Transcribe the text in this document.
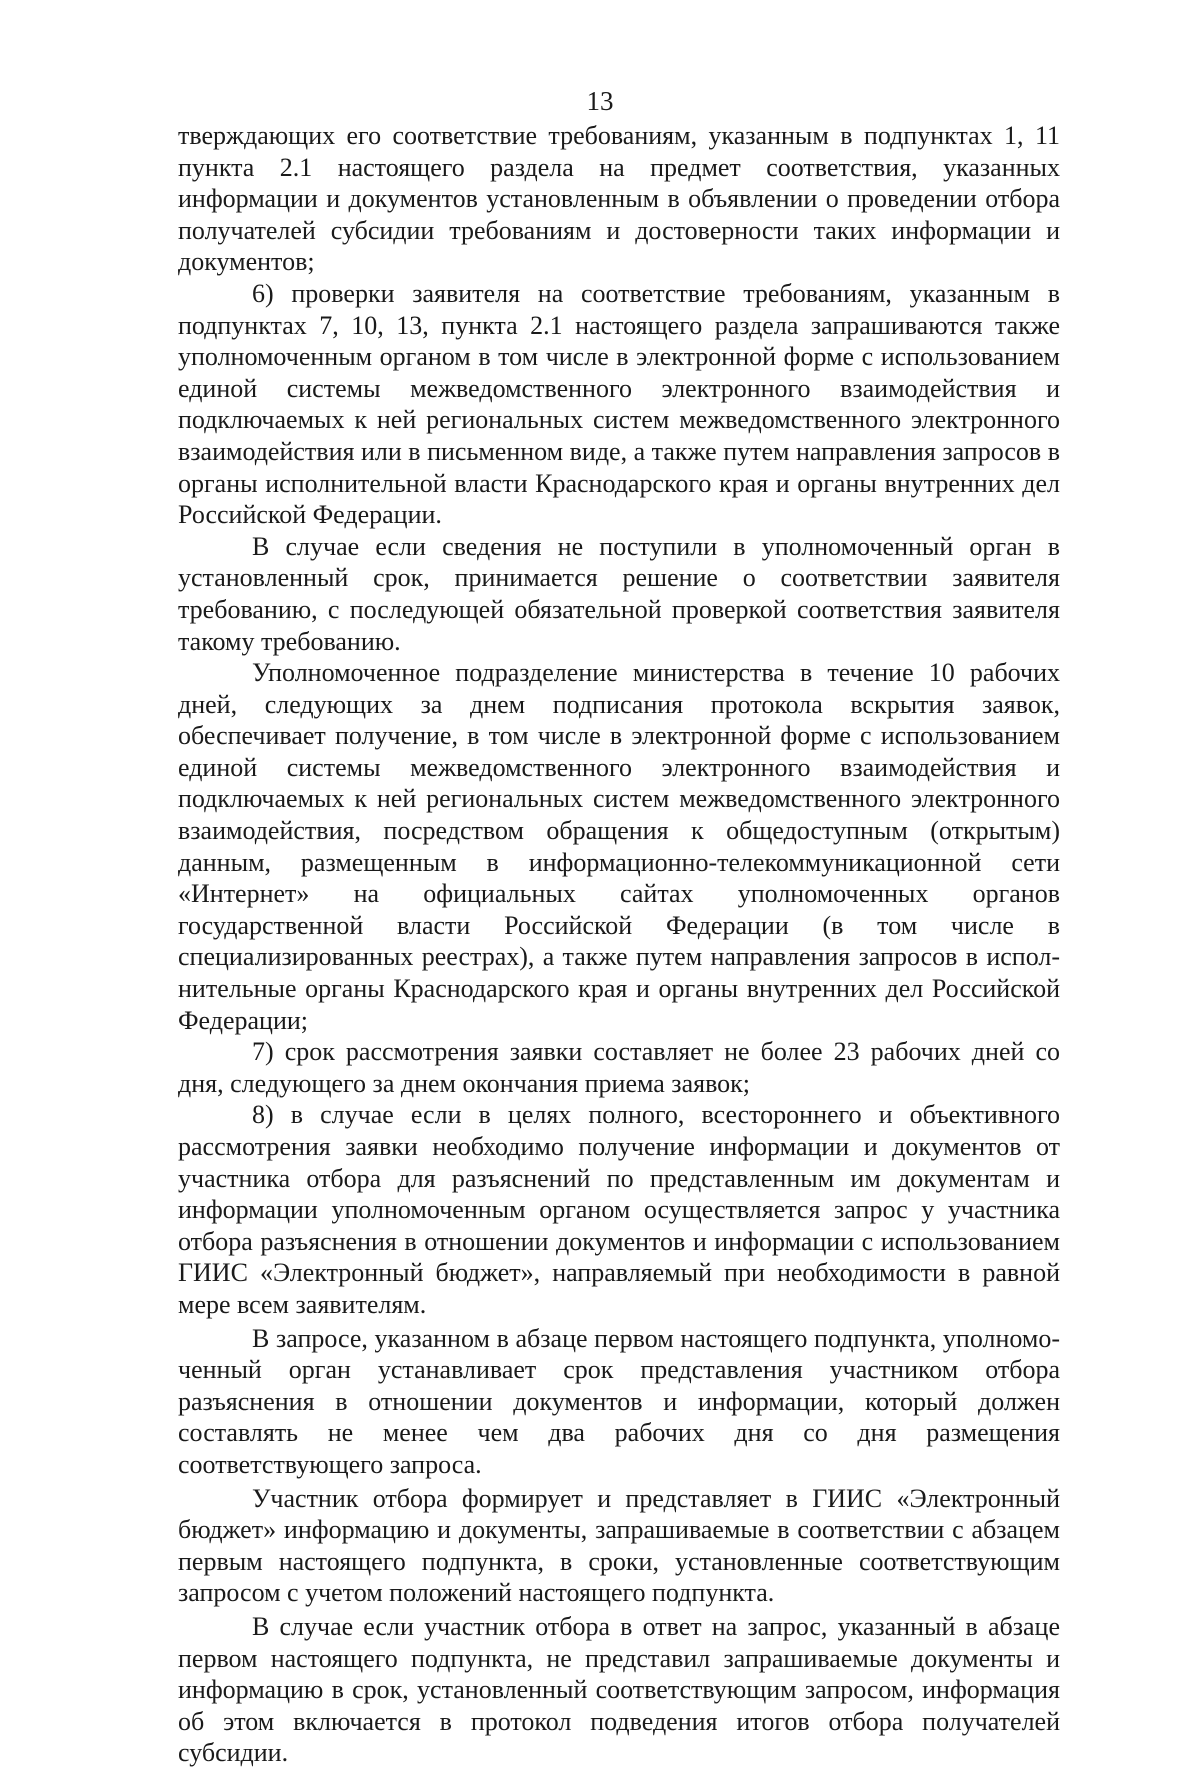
13

тверждающих его соответствие требованиям, указанным в подпунктах 1, 11 пункта 2.1 настоящего раздела на предмет соответствия, указанных информации и документов установленным в объявлении о проведении отбора получателей субсидии требованиям и достоверности таких информации и документов;

6) проверки заявителя на соответствие требованиям, указанным в подпунктах 7, 10, 13, пункта 2.1 настоящего раздела запрашиваются также уполномоченным органом в том числе в электронной форме с использованием единой системы межведомственного электронного взаимодействия и подключаемых к ней региональных систем межведомственного электронного взаимодействия или в письменном виде, а также путем направления запросов в органы исполнительной власти Краснодарского края и органы внутренних дел Российской Федерации.

В случае если сведения не поступили в уполномоченный орган в установленный срок, принимается решение о соответствии заявителя требованию, с последующей обязательной проверкой соответствия заявителя такому требованию.

Уполномоченное подразделение министерства в течение 10 рабочих дней, следующих за днем подписания протокола вскрытия заявок, обеспечивает получение, в том числе в электронной форме с использованием единой системы межведомственного электронного взаимодействия и подключаемых к ней региональных систем межведомственного электронного взаимодействия, посредством обращения к общедоступным (открытым) данным, размещенным в информационно-телекоммуникационной сети «Интернет» на официальных сайтах уполномоченных органов государственной власти Российской Федерации (в том числе в специализированных реестрах), а также путем направления запросов в исполнительные органы Краснодарского края и органы внутренних дел Российской Федерации;

7) срок рассмотрения заявки составляет не более 23 рабочих дней со дня, следующего за днем окончания приема заявок;

8) в случае если в целях полного, всестороннего и объективного рассмотрения заявки необходимо получение информации и документов от участника отбора для разъяснений по представленным им документам и информации уполномоченным органом осуществляется запрос у участника отбора разъяснения в отношении документов и информации с использованием ГИИС «Электронный бюджет», направляемый при необходимости в равной мере всем заявителям.

В запросе, указанном в абзаце первом настоящего подпункта, уполномоченный орган устанавливает срок представления участником отбора разъяснения в отношении документов и информации, который должен составлять не менее чем два рабочих дня со дня размещения соответствующего запроса.

Участник отбора формирует и представляет в ГИИС «Электронный бюджет» информацию и документы, запрашиваемые в соответствии с абзацем первым настоящего подпункта, в сроки, установленные соответствующим запросом с учетом положений настоящего подпункта.

В случае если участник отбора в ответ на запрос, указанный в абзаце первом настоящего подпункта, не представил запрашиваемые документы и информацию в срок, установленный соответствующим запросом, информация об этом включается в протокол подведения итогов отбора получателей субсидии.
